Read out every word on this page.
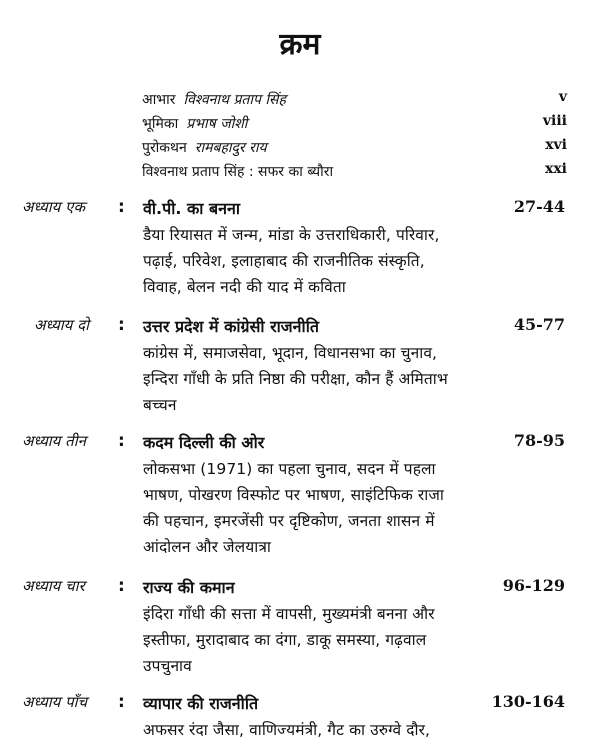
क्रम
आभार विश्वनाथ प्रताप सिंह	v
भूमिका प्रभाष जोशी	viii
पुरोकथन रामबहादुर राय	xvi
विश्वनाथ प्रताप सिंह : सफर का ब्यौरा	xxi
अध्याय एक : वी.पी. का बनना	27-44
डैया रियासत में जन्म, मांडा के उत्तराधिकारी, परिवार,
पढ़ाई, परिवेश, इलाहाबाद की राजनीतिक संस्कृति,
विवाह, बेलन नदी की याद में कविता
अध्याय दो : उत्तर प्रदेश में कांग्रेसी राजनीति	45-77
कांग्रेस में, समाजसेवा, भूदान, विधानसभा का चुनाव,
इन्दिरा गाँधी के प्रति निष्ठा की परीक्षा, कौन हैं अमिताभ
बच्चन
अध्याय तीन : कदम दिल्ली की ओर	78-95
लोकसभा (1971) का पहला चुनाव, सदन में पहला
भाषण, पोखरण विस्फोट पर भाषण, साइंटिफिक राजा
की पहचान, इमरजेंसी पर दृष्टिकोण, जनता शासन में
आंदोलन और जेलयात्रा
अध्याय चार : राज्य की कमान	96-129
इंदिरा गाँधी की सत्ता में वापसी, मुख्यमंत्री बनना और
इस्तीफा, मुरादाबाद का दंगा, डाकू समस्या, गढ़वाल
उपचुनाव
अध्याय पाँच : व्यापार की राजनीति	130-164
अफसर रंदा जैसा, वाणिज्यमंत्री, गैट का उरुग्वे दौर,
